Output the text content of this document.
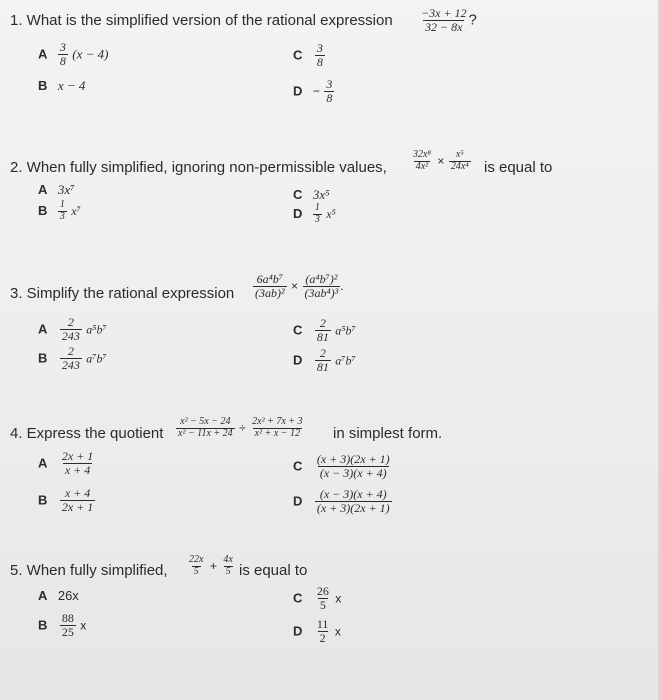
1. What is the simplified version of the rational expression $\frac{-3x + 12}{32 - 8x}$ ?
A $\frac{3}{8} (x - 4)$
B x − 4
C $\frac{3}{8}$
$D - \frac{3}{8}$
2. When fully simplified, ignoring non-permissible values, $\frac{\text{32x⁸}}{\text{4x²}} \times \frac{\text{x⁵}}{\text{24x⁴}}$ is equal to
A 3x⁷
B $\frac{1}{3} x^7$
C 3x⁵
D $\frac{1}{3} x^5$
3. Simplify the rational expression $\frac{\text{6a⁴b⁷}}{\text{(3ab)²}} \times \frac{\text{(a⁴b⁷)²}}{\text{(3ab⁴)³}}$ .
A $\frac{2}{243} a^5b^7$
B $\frac{2}{243} a^7b^7$
C $\frac{2}{81} a^5b^7$
D $\frac{2}{81} a^7b^7$
4. Express the quotient $\frac{\text{x² − 5x − 24}}{\text{x² − 11x + 24}} \div \frac{\text{2x² + 7x + 3}}{\text{x² + x − 12}}$ in simplest form.
A $\frac{2x + 1}{x + 4}$
B $\frac{x + 4}{2x + 1}$
C $\frac{(x + 3)(2x + 1)}{(x - 3)(x + 4)}$
D $\frac{(x - 3)(x + 4)}{(x + 3)(2x + 1)}$
5. When fully simplified, $\frac{22x}{5} + \frac{4x}{5}$ is equal to
A 26x
B $\frac{88}{25}$ x
C $\frac{26}{5}$ x
D $\frac{11}{2}$ x
